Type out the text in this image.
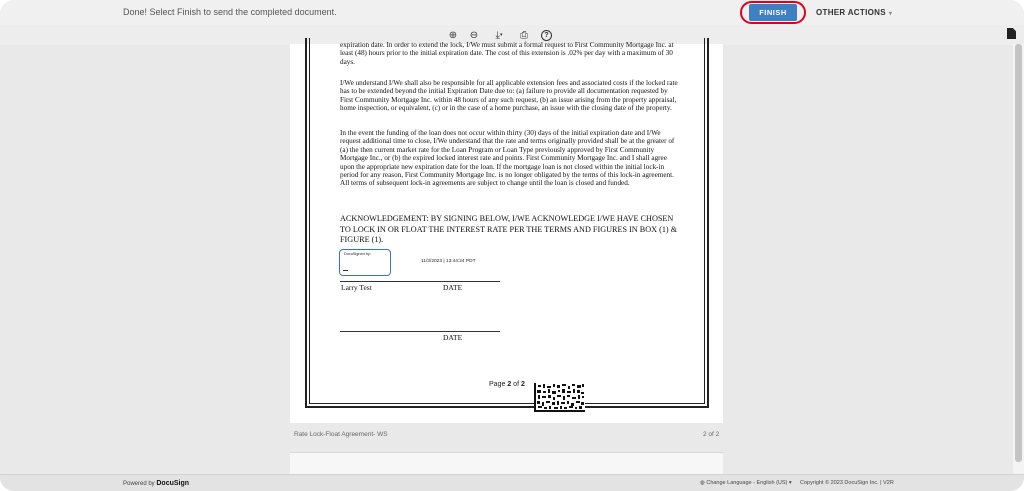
Done! Select Finish to send the completed document.	FINISH	OTHER ACTIONS ▾
⊕ ⊖ ⤓ ▾	⎙	?
expiration date. In order to extend the lock, I/We must submit a formal request to First Community Mortgage Inc. at least (48) hours prior to the initial expiration date. The cost of this extension is .02% per day with a maximum of 30 days.
I/We understand I/We shall also be responsible for all applicable extension fees and associated costs if the locked rate has to be extended beyond the initial Expiration Date due to: (a) failure to provide all documentation requested by First Community Mortgage Inc. within 48 hours of any such request, (b) an issue arising from the property appraisal, home inspection, or equivalent, (c) or in the case of a home purchase, an issue with the closing date of the property.
In the event the funding of the loan does not occur within thirty (30) days of the initial expiration date and I/We request additional time to close, I/We understand that the rate and terms originally provided shall be at the greater of (a) the then current market rate for the Loan Program or Loan Type previously approved by First Community Mortgage Inc., or (b) the expired locked interest rate and points. First Community Mortgage Inc. and I shall agree upon the appropriate new expiration date for the loan. If the mortgage loan is not closed within the initial lock-in period for any reason, First Community Mortgage Inc. is no longer obligated by the terms of this lock-in agreement. All terms of subsequent lock-in agreements are subject to change until the loan is closed and funded.
ACKNOWLEDGEMENT: BY SIGNING BELOW, I/WE ACKNOWLEDGE I/WE HAVE CHOSEN TO LOCK IN OR FLOAT THE INTEREST RATE PER THE TERMS AND FIGURES IN BOX (1) & FIGURE (1).
DocuSigned by:
11/3/2023 | 13:44:24 PDT
Larry Test	DATE
DATE
Page 2 of 2
Rate Lock-Float Agreement- WS	2 of 2
Powered by DocuSign	◍ Change Language - English (US) ▾ Copyright © 2023 DocuSign Inc. | V2R
